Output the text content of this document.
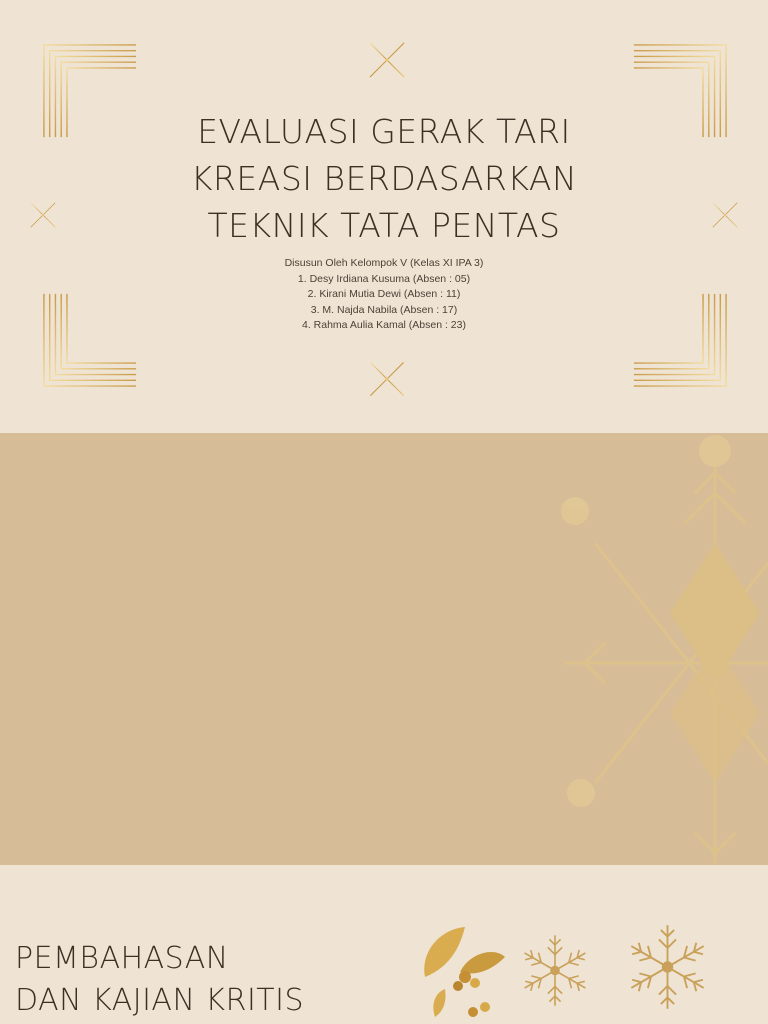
EVALUASI GERAK TARI
KREASI BERDASARKAN
TEKNIK TATA PENTAS
Disusun Oleh Kelompok V (Kelas XI IPA 3)
1. Desy Irdiana Kusuma (Absen : 05)
2. Kirani Mutia Dewi (Absen : 11)
3. M. Najda Nabila (Absen : 17)
4. Rahma Aulia Kamal (Absen : 23)

PEMBAHASAN
DAN KAJIAN KRITIS
